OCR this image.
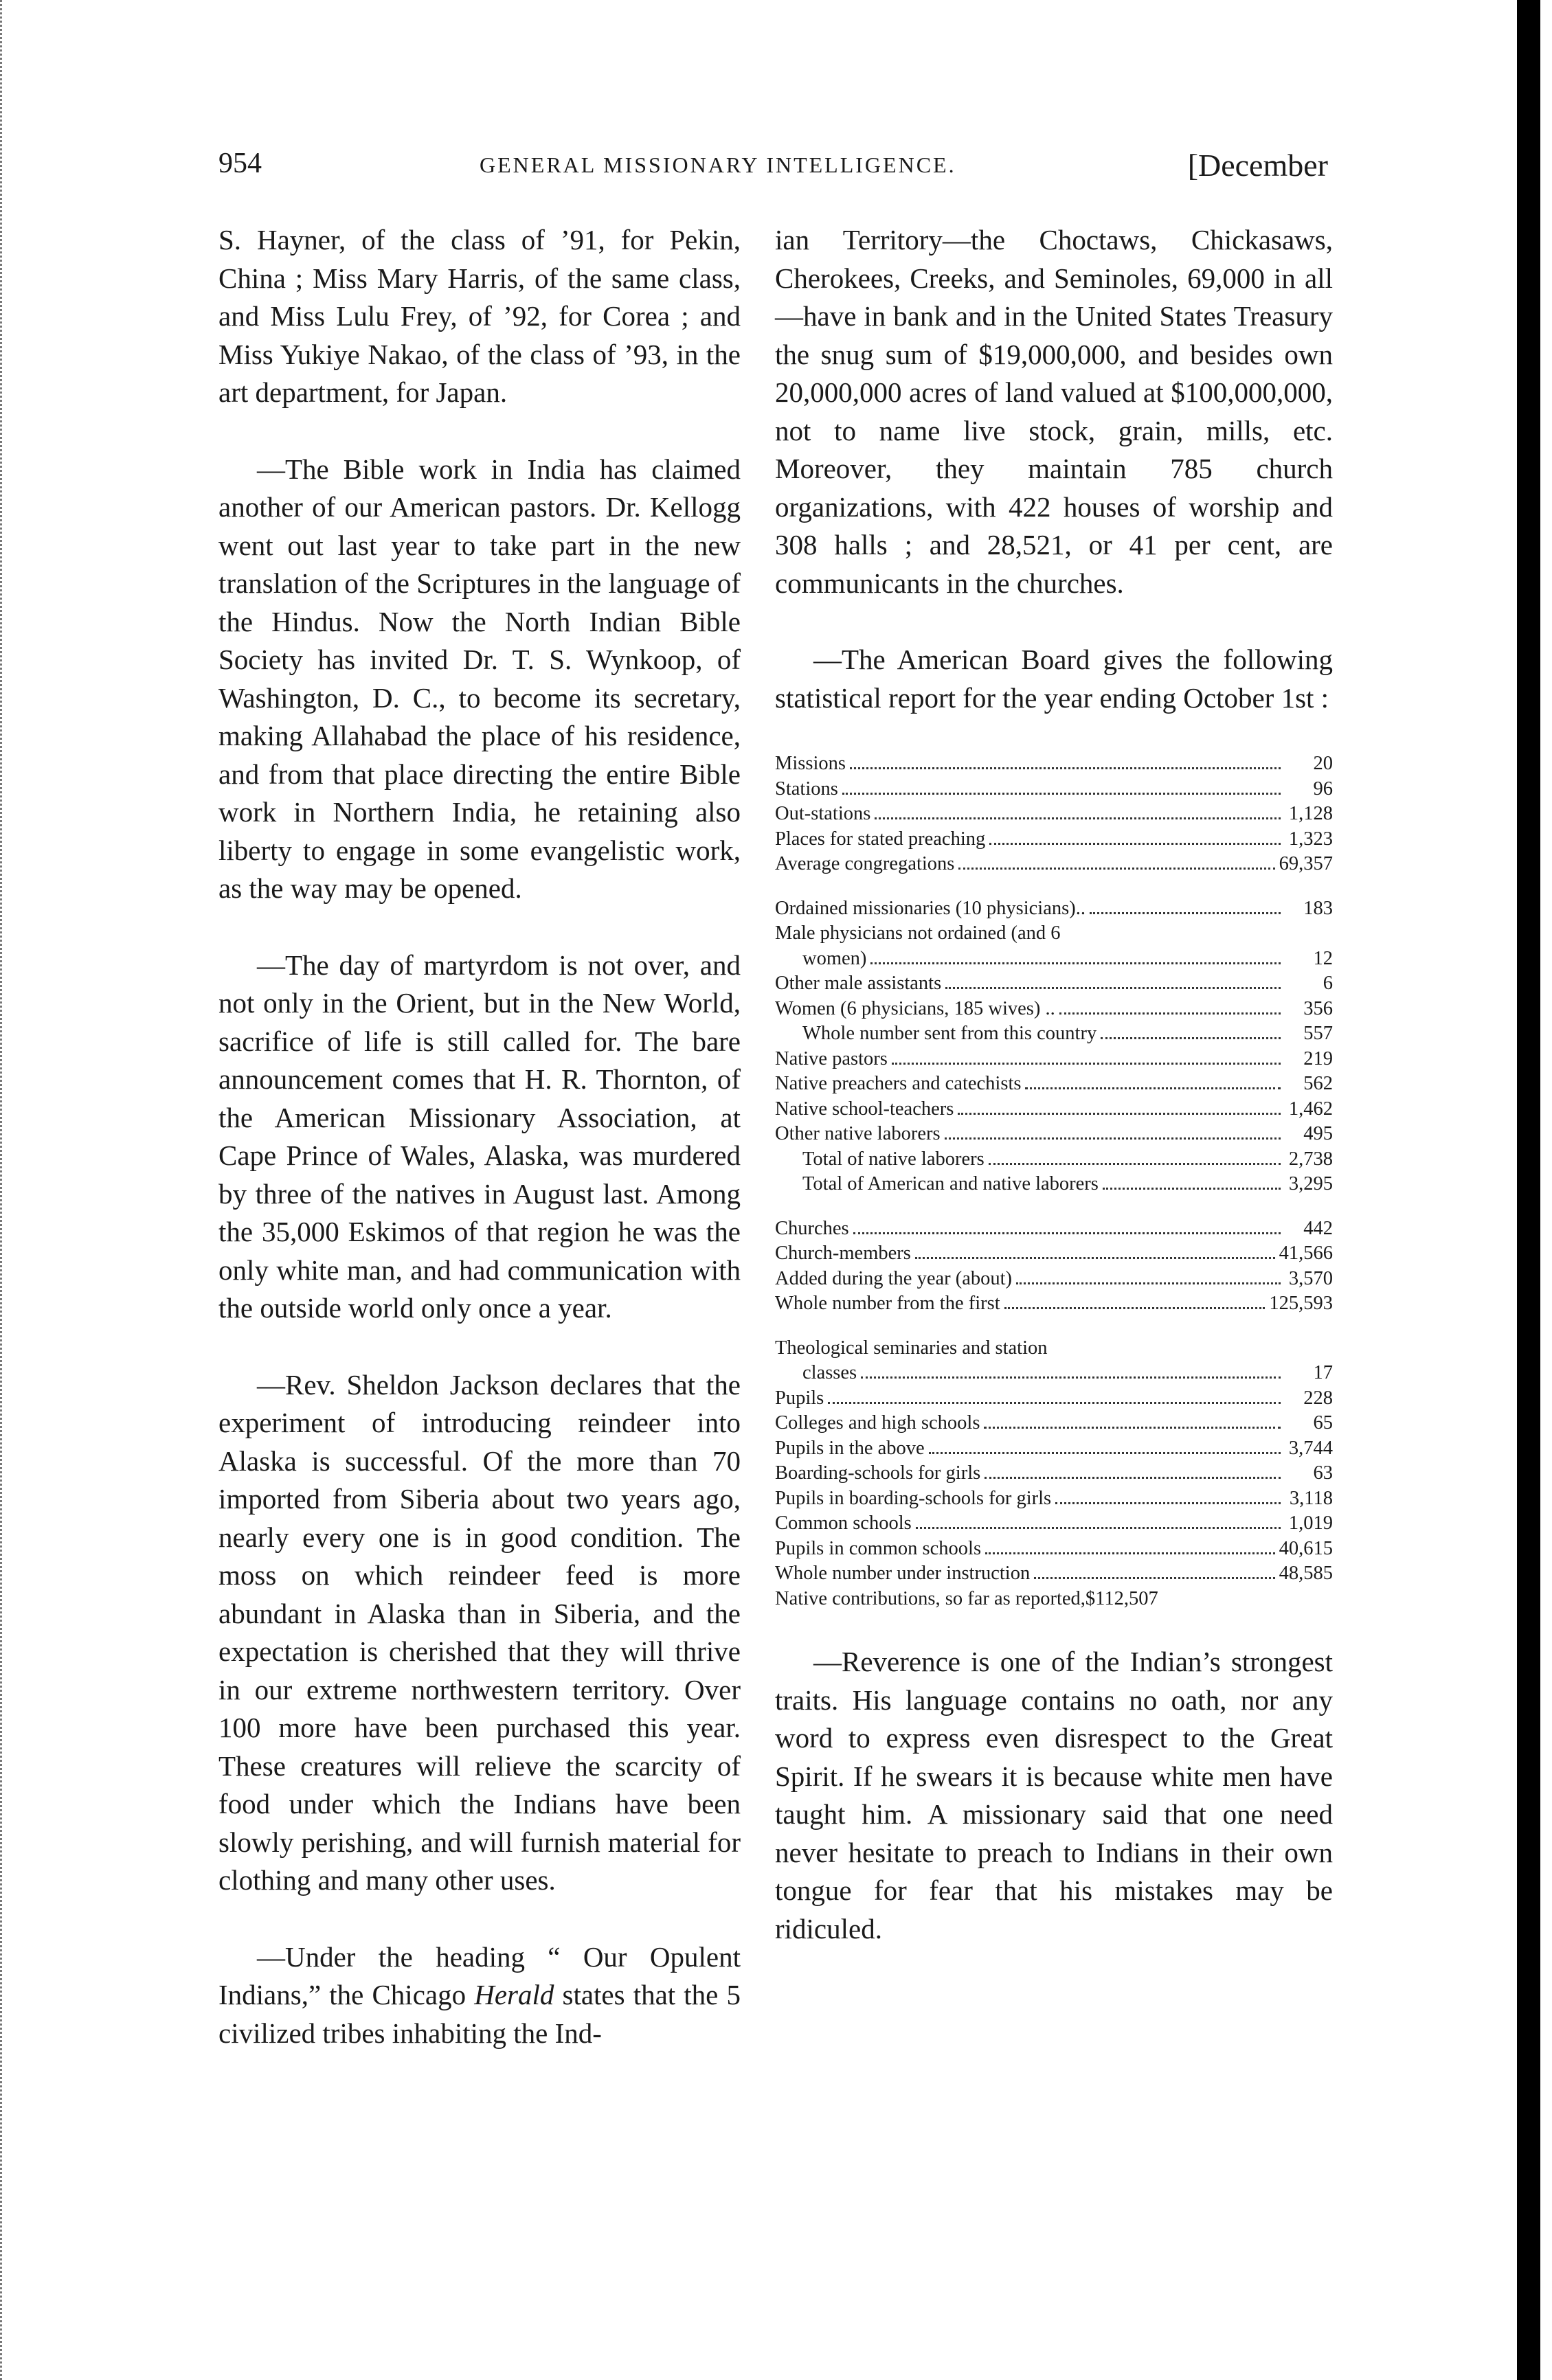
954	GENERAL MISSIONARY INTELLIGENCE.	[December

S. Hayner, of the class of ’91, for Pekin, China ; Miss Mary Harris, of the same class, and Miss Lulu Frey, of ’92, for Corea ; and Miss Yukiye Nakao, of the class of ’93, in the art department, for Japan.

—The Bible work in India has claimed another of our American pastors. Dr. Kellogg went out last year to take part in the new translation of the Scriptures in the language of the Hindus. Now the North Indian Bible Society has invited Dr. T. S. Wynkoop, of Washington, D. C., to become its secretary, making Allahabad the place of his residence, and from that place directing the entire Bible work in Northern India, he retaining also liberty to engage in some evangelistic work, as the way may be opened.

—The day of martyrdom is not over, and not only in the Orient, but in the New World, sacrifice of life is still called for. The bare announcement comes that H. R. Thornton, of the American Missionary Association, at Cape Prince of Wales, Alaska, was murdered by three of the natives in August last. Among the 35,000 Eskimos of that region he was the only white man, and had communication with the outside world only once a year.

—Rev. Sheldon Jackson declares that the experiment of introducing reindeer into Alaska is successful. Of the more than 70 imported from Siberia about two years ago, nearly every one is in good condition. The moss on which reindeer feed is more abundant in Alaska than in Siberia, and the expectation is cherished that they will thrive in our extreme northwestern territory. Over 100 more have been purchased this year. These creatures will relieve the scarcity of food under which the Indians have been slowly perishing, and will furnish material for clothing and many other uses.

—Under the heading “ Our Opulent Indians,” the Chicago Herald states that the 5 civilized tribes inhabiting the Ind-

ian Territory—the Choctaws, Chickasaws, Cherokees, Creeks, and Seminoles, 69,000 in all—have in bank and in the United States Treasury the snug sum of $19,000,000, and besides own 20,000,000 acres of land valued at $100,000,000, not to name live stock, grain, mills, etc. Moreover, they maintain 785 church organizations, with 422 houses of worship and 308 halls ; and 28,521, or 41 per cent, are communicants in the churches.

—The American Board gives the following statistical report for the year ending October 1st :

Missions	20
Stations	96
Out-stations	1,128
Places for stated preaching	1,323
Average congregations	69,357
Ordained missionaries (10 physicians)..	183
Male physicians not ordained (and 6
women)	12
Other male assistants	6
Women (6 physicians, 185 wives) ..	356
Whole number sent from this country	557
Native pastors	219
Native preachers and catechists	562
Native school-teachers	1,462
Other native laborers	495
Total of native laborers	2,738
Total of American and native laborers	3,295
Churches	442
Church-members	41,566
Added during the year (about)	3,570
Whole number from the first	125,593
Theological seminaries and station
classes	17
Pupils	228
Colleges and high schools	65
Pupils in the above	3,744
Boarding-schools for girls	63
Pupils in boarding-schools for girls	3,118
Common schools	1,019
Pupils in common schools	40,615
Whole number under instruction	48,585
Native contributions, so far as reported, $112,507

—Reverence is one of the Indian’s strongest traits. His language contains no oath, nor any word to express even disrespect to the Great Spirit. If he swears it is because white men have taught him. A missionary said that one need never hesitate to preach to Indians in their own tongue for fear that his mistakes may be ridiculed.
